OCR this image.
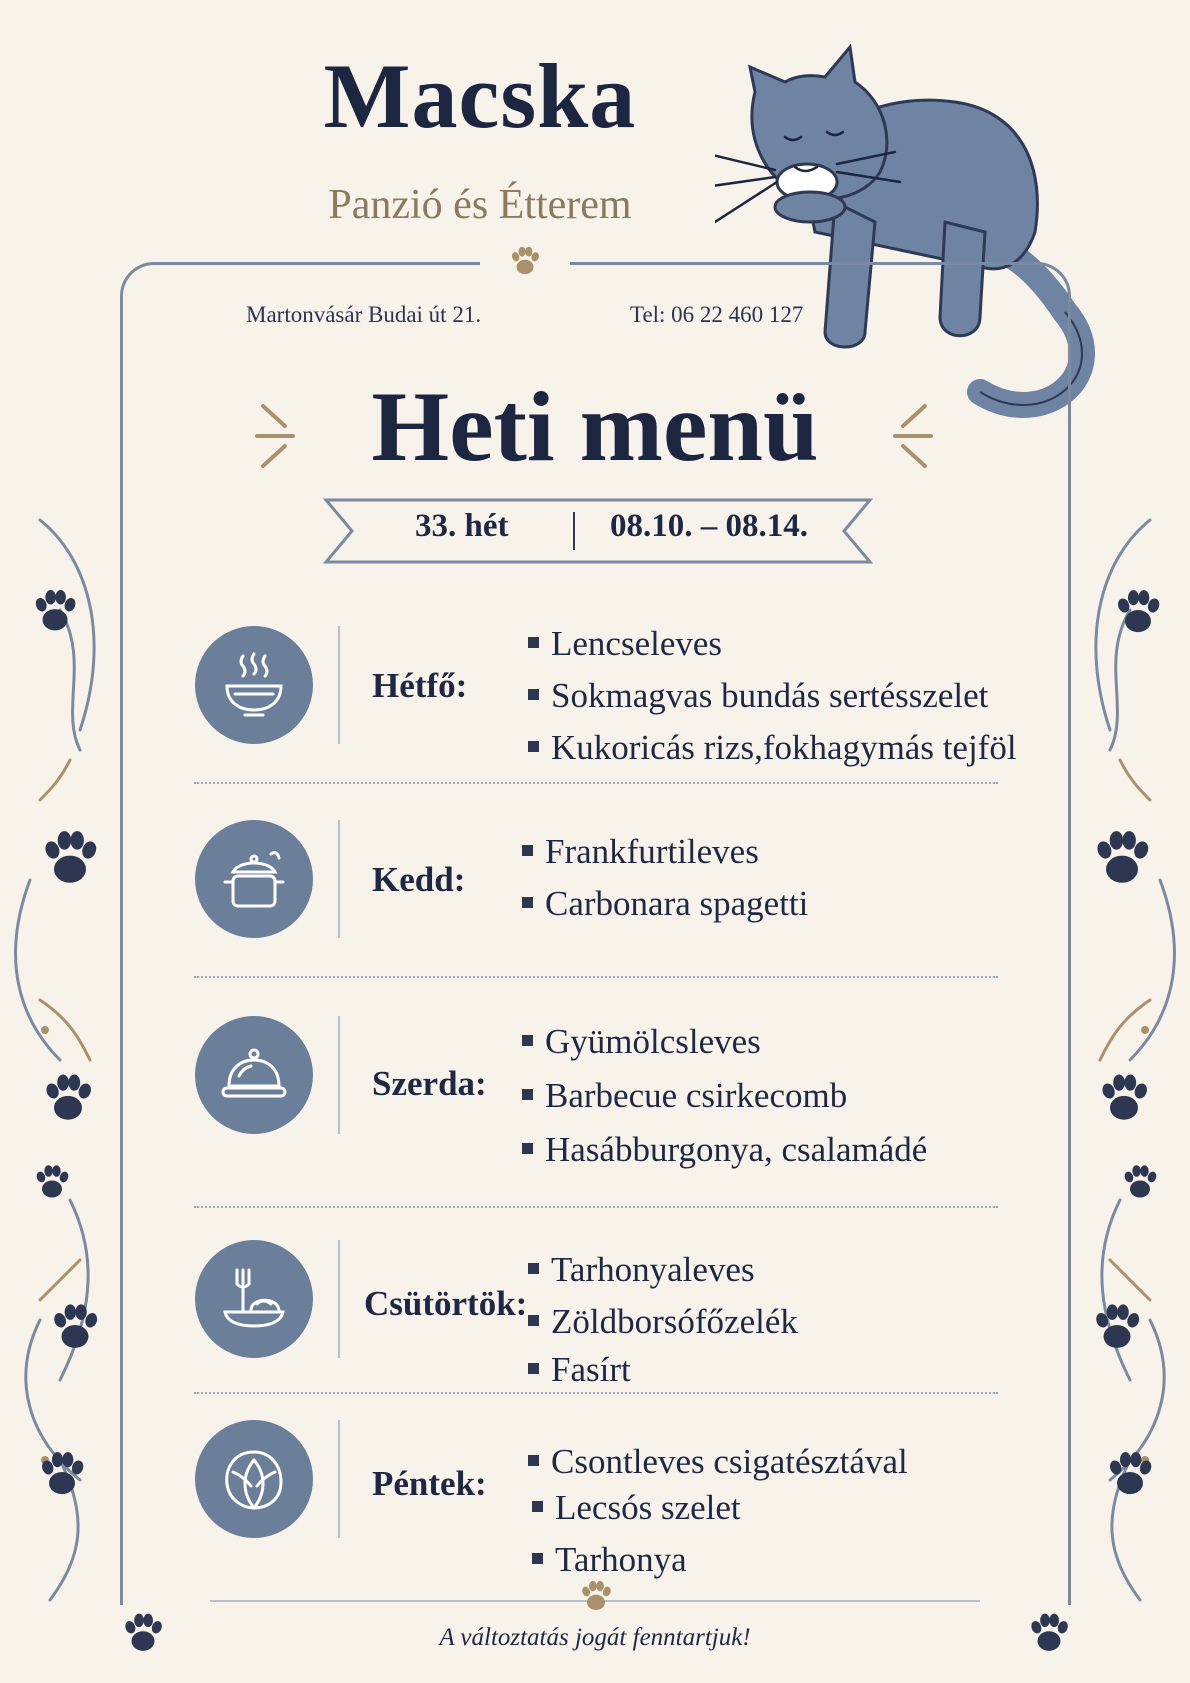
Macska
Panzió és Étterem
Martonvásár Budai út 21.	Tel: 06 22 460 127
Heti menü
33. hét	08.10. – 08.14.
Hétfő:
Lencseleves
Sokmagvas bundás sertésszelet
Kukoricás rizs,fokhagymás tejföl
Kedd:
Frankfurtileves
Carbonara spagetti
Szerda:
Gyümölcsleves
Barbecue csirkecomb
Hasábburgonya, csalamádé
Csütörtök:
Tarhonyaleves
Zöldborsófőzelék
Fasírt
Péntek:
Csontleves csigatésztával
Lecsós szelet
Tarhonya
A változtatás jogát fenntartjuk!
